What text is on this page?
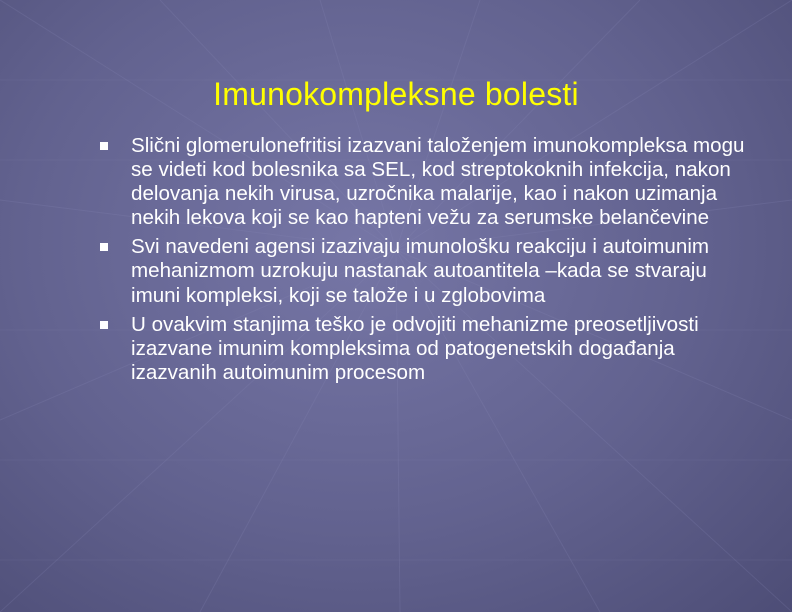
Imunokompleksne bolesti
Slični glomerulonefritisi izazvani taloženjem imunokompleksa mogu se videti kod bolesnika sa SEL, kod streptokoknih infekcija, nakon delovanja nekih virusa, uzročnika malarije, kao i nakon uzimanja nekih lekova koji se kao hapteni vežu za serumske belančevine
Svi navedeni agensi izazivaju imunološku reakciju i autoimunim mehanizmom uzrokuju nastanak autoantitela –kada se stvaraju imuni kompleksi, koji se talože i u zglobovima
U ovakvim stanjima teško je odvojiti mehanizme preosetljivosti izazvane imunim kompleksima od patogenetskih događanja izazvanih autoimunim procesom
